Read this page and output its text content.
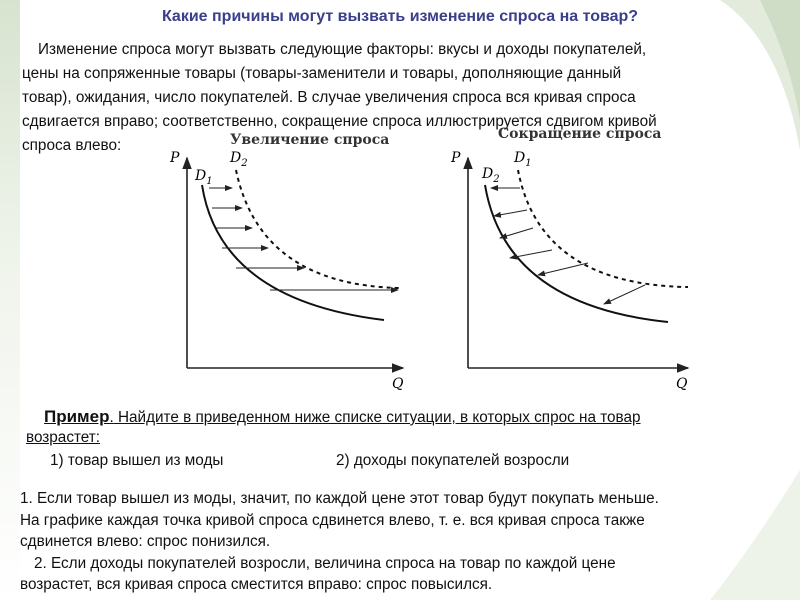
Какие причины могут вызвать изменение спроса на товар?

Изменение спроса могут вызвать следующие факторы: вкусы и доходы покупателей,
цены на сопряженные товары (товары-заменители и товары, дополняющие данный
товар), ожидания, число покупателей. В случае увеличения спроса вся кривая спроса
сдвигается вправо; соответственно, сокращение спроса иллюстрируется сдвигом кривой
спроса влево:	Увеличение спроса
P
Q
$D_1$
$D_2$
Сокращение спроса
P
Q
$D_2$
$D_1$

Пример. Найдите в приведенном ниже списке ситуации, в которых спрос на товар
возрастет:

1) товар вышел из моды	2) доходы покупателей возросли

1. Если товар вышел из моды, значит, по каждой цене этот товар будут покупать меньше.
На графике каждая точка кривой спроса сдвинется влево, т. е. вся кривая спроса также
сдвинется влево: спрос понизился.
2. Если доходы покупателей возросли, величина спроса на товар по каждой цене
возрастет, вся кривая спроса сместится вправо: спрос повысился.
